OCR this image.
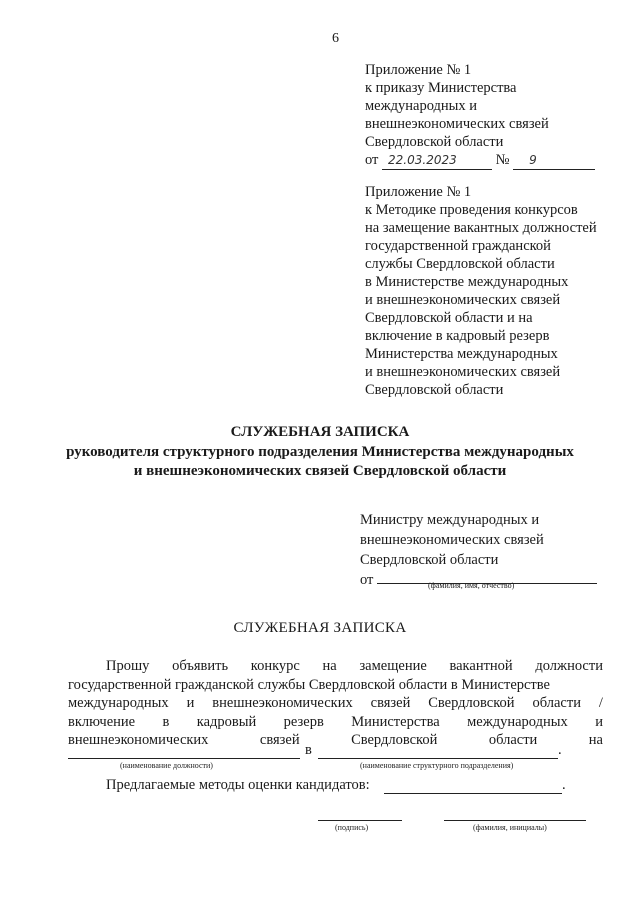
6
Приложение № 1
к приказу Министерства
международных и
внешнеэкономических связей
Свердловской области
от 22.03.2023	№ 9
Приложение № 1
к Методике проведения конкурсов
на замещение вакантных должностей
государственной гражданской
службы Свердловской области
в Министерстве международных
и внешнеэкономических связей
Свердловской области и на
включение в кадровый резерв
Министерства международных
и внешнеэкономических связей
Свердловской области
СЛУЖЕБНАЯ ЗАПИСКА
руководителя структурного подразделения Министерства международных
и внешнеэкономических связей Свердловской области
Министру международных и
внешнеэкономических связей
Свердловской области
от	(фамилия, имя, отчество)
СЛУЖЕБНАЯ ЗАПИСКА
Прошу объявить конкурс на замещение вакантной должности
государственной гражданской службы Свердловской области в Министерстве
международных и внешнеэкономических связей Свердловской области /
включение в кадровый резерв Министерства международных и
внешнеэкономических	связей	Свердловской	области	на
в	.
(наименование должности)	(наименование структурного подразделения)
Предлагаемые методы оценки кандидатов:	.
(подпись)	(фамилия, инициалы)
